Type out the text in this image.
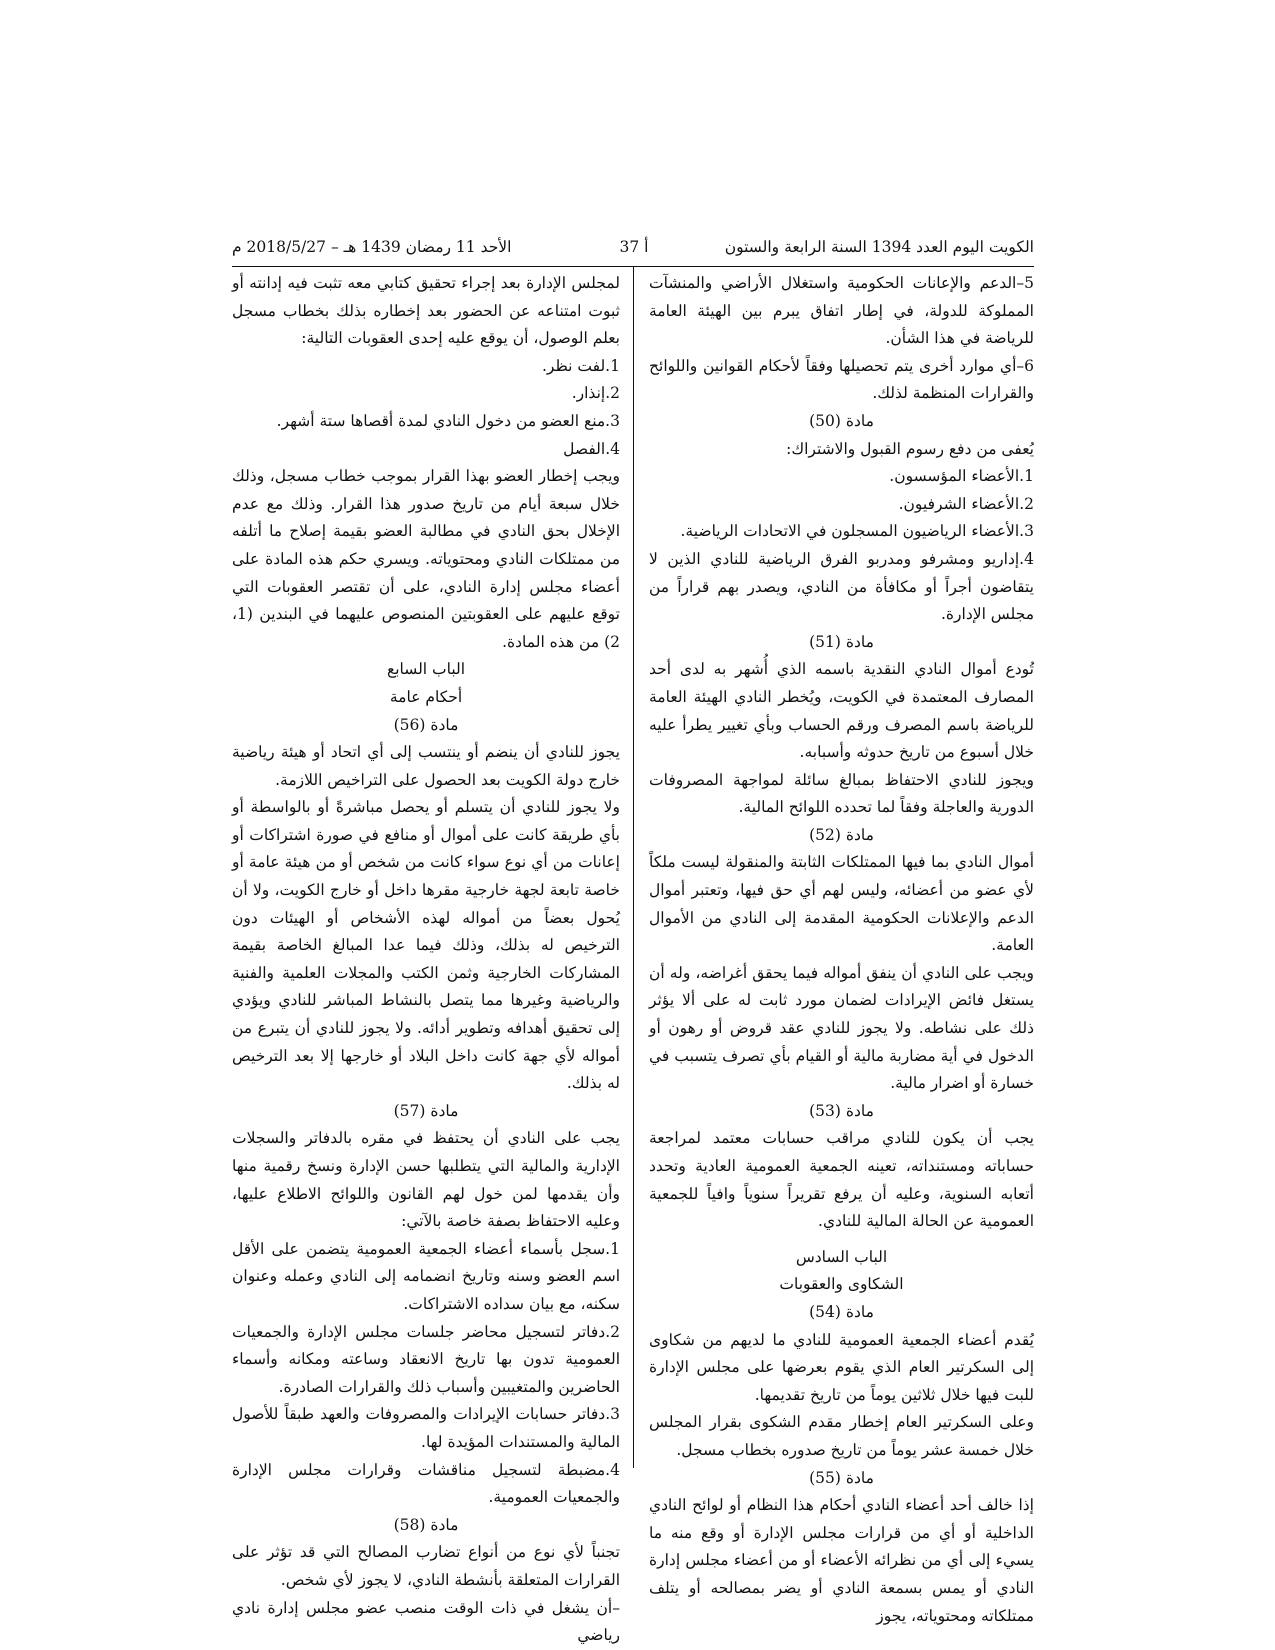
الكويت اليوم العدد 1394 السنة الرابعة والستون
أ 37
الأحد 11 رمضان 1439 هـ – 2018/5/27 م

5–الدعم والإعانات الحكومية واستغلال الأراضي والمنشآت المملوكة للدولة، في إطار اتفاق يبرم بين الهيئة العامة للرياضة في هذا الشأن.

6–أي موارد أخرى يتم تحصيلها وفقاً لأحكام القوانين واللوائح والقرارات المنظمة لذلك.

مادة (50)

يُعفى من دفع رسوم القبول والاشتراك:

1.الأعضاء المؤسسون.

2.الأعضاء الشرفيون.

3.الأعضاء الرياضيون المسجلون في الاتحادات الرياضية.

4.إداريو ومشرفو ومدربو الفرق الرياضية للنادي الذين لا يتقاضون أجراً أو مكافأة من النادي، ويصدر بهم قراراً من مجلس الإدارة.

مادة (51)

تُودع أموال النادي النقدية باسمه الذي أُشهر به لدى أحد المصارف المعتمدة في الكويت، ويُخطر النادي الهيئة العامة للرياضة باسم المصرف ورقم الحساب وبأي تغيير يطرأ عليه خلال أسبوع من تاريخ حدوثه وأسبابه.

ويجوز للنادي الاحتفاظ بمبالغ سائلة لمواجهة المصروفات الدورية والعاجلة وفقاً لما تحدده اللوائح المالية.

مادة (52)

أموال النادي بما فيها الممتلكات الثابتة والمنقولة ليست ملكاً لأي عضو من أعضائه، وليس لهم أي حق فيها، وتعتبر أموال الدعم والإعلانات الحكومية المقدمة إلى النادي من الأموال العامة.

ويجب على النادي أن ينفق أمواله فيما يحقق أغراضه، وله أن يستغل فائض الإيرادات لضمان مورد ثابت له على ألا يؤثر ذلك على نشاطه. ولا يجوز للنادي عقد قروض أو رهون أو الدخول في أية مضاربة مالية أو القيام بأي تصرف يتسبب في خسارة أو اضرار مالية.

مادة (53)

يجب أن يكون للنادي مراقب حسابات معتمد لمراجعة حساباته ومستنداته، تعينه الجمعية العمومية العادية وتحدد أتعابه السنوية، وعليه أن يرفع تقريراً سنوياً وافياً للجمعية العمومية عن الحالة المالية للنادي.

الباب السادس

الشكاوى والعقوبات

مادة (54)

يُقدم أعضاء الجمعية العمومية للنادي ما لديهم من شكاوى إلى السكرتير العام الذي يقوم بعرضها على مجلس الإدارة للبت فيها خلال ثلاثين يوماً من تاريخ تقديمها.

وعلى السكرتير العام إخطار مقدم الشكوى بقرار المجلس خلال خمسة عشر يوماً من تاريخ صدوره بخطاب مسجل.

مادة (55)

إذا خالف أحد أعضاء النادي أحكام هذا النظام أو لوائح النادي الداخلية أو أي من قرارات مجلس الإدارة أو وقع منه ما يسيء إلى أي من نظرائه الأعضاء أو من أعضاء مجلس إدارة النادي أو يمس بسمعة النادي أو يضر بمصالحه أو يتلف ممتلكاته ومحتوياته، يجوز

لمجلس الإدارة بعد إجراء تحقيق كتابي معه تثبت فيه إدانته أو ثبوت امتناعه عن الحضور بعد إخطاره بذلك بخطاب مسجل بعلم الوصول، أن يوقع عليه إحدى العقوبات التالية:

1.لفت نظر.

2.إنذار.

3.منع العضو من دخول النادي لمدة أقصاها ستة أشهر.

4.الفصل

ويجب إخطار العضو بهذا القرار بموجب خطاب مسجل، وذلك خلال سبعة أيام من تاريخ صدور هذا القرار. وذلك مع عدم الإخلال بحق النادي في مطالبة العضو بقيمة إصلاح ما أتلفه من ممتلكات النادي ومحتوياته. ويسري حكم هذه المادة على أعضاء مجلس إدارة النادي، على أن تقتصر العقوبات التي توقع عليهم على العقوبتين المنصوص عليهما في البندين (1، 2) من هذه المادة.

الباب السابع

أحكام عامة

مادة (56)

يجوز للنادي أن ينضم أو ينتسب إلى أي اتحاد أو هيئة رياضية خارج دولة الكويت بعد الحصول على التراخيص اللازمة.

ولا يجوز للنادي أن يتسلم أو يحصل مباشرةً أو بالواسطة أو بأي طريقة كانت على أموال أو منافع في صورة اشتراكات أو إعانات من أي نوع سواء كانت من شخص أو من هيئة عامة أو خاصة تابعة لجهة خارجية مقرها داخل أو خارج الكويت، ولا أن يُحول بعضاً من أمواله لهذه الأشخاص أو الهيئات دون الترخيص له بذلك، وذلك فيما عدا المبالغ الخاصة بقيمة المشاركات الخارجية وثمن الكتب والمجلات العلمية والفنية والرياضية وغيرها مما يتصل بالنشاط المباشر للنادي ويؤدي إلى تحقيق أهدافه وتطوير أدائه. ولا يجوز للنادي أن يتبرع من أمواله لأي جهة كانت داخل البلاد أو خارجها إلا بعد الترخيص له بذلك.

مادة (57)

يجب على النادي أن يحتفظ في مقره بالدفاتر والسجلات الإدارية والمالية التي يتطلبها حسن الإدارة ونسخ رقمية منها وأن يقدمها لمن خول لهم القانون واللوائح الاطلاع عليها، وعليه الاحتفاظ بصفة خاصة بالآتي:

1.سجل بأسماء أعضاء الجمعية العمومية يتضمن على الأقل اسم العضو وسنه وتاريخ انضمامه إلى النادي وعمله وعنوان سكنه، مع بيان سداده الاشتراكات.

2.دفاتر لتسجيل محاضر جلسات مجلس الإدارة والجمعيات العمومية تدون بها تاريخ الانعقاد وساعته ومكانه وأسماء الحاضرين والمتغيبين وأسباب ذلك والقرارات الصادرة.

3.دفاتر حسابات الإيرادات والمصروفات والعهد طبقاً للأصول المالية والمستندات المؤيدة لها.

4.مضبطة لتسجيل مناقشات وقرارات مجلس الإدارة والجمعيات العمومية.

مادة (58)

تجنباً لأي نوع من أنواع تضارب المصالح التي قد تؤثر على القرارات المتعلقة بأنشطة النادي، لا يجوز لأي شخص.

–أن يشغل في ذات الوقت منصب عضو مجلس إدارة نادي رياضي
